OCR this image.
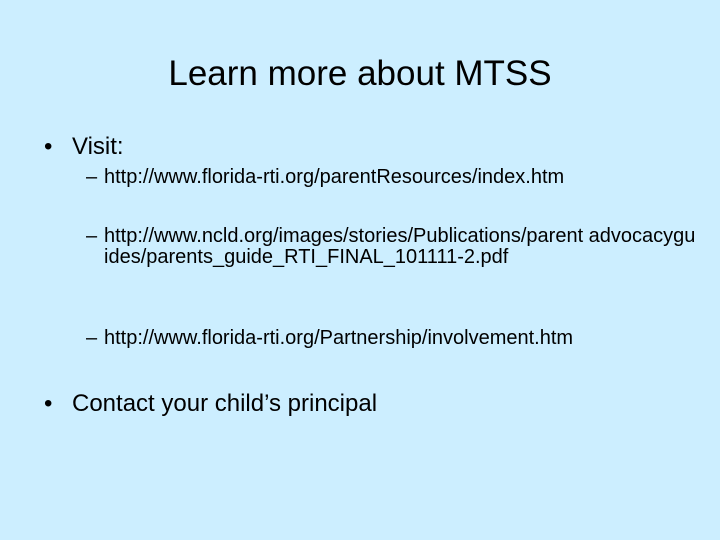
Learn more about MTSS
• Visit:
– http://www.florida-rti.org/parentResources/index.htm
– http://www.ncld.org/images/stories/Publications/parent advocacyguides/parents_guide_RTI_FINAL_101111-2.pdf
– http://www.florida-rti.org/Partnership/involvement.htm
• Contact your child’s principal
